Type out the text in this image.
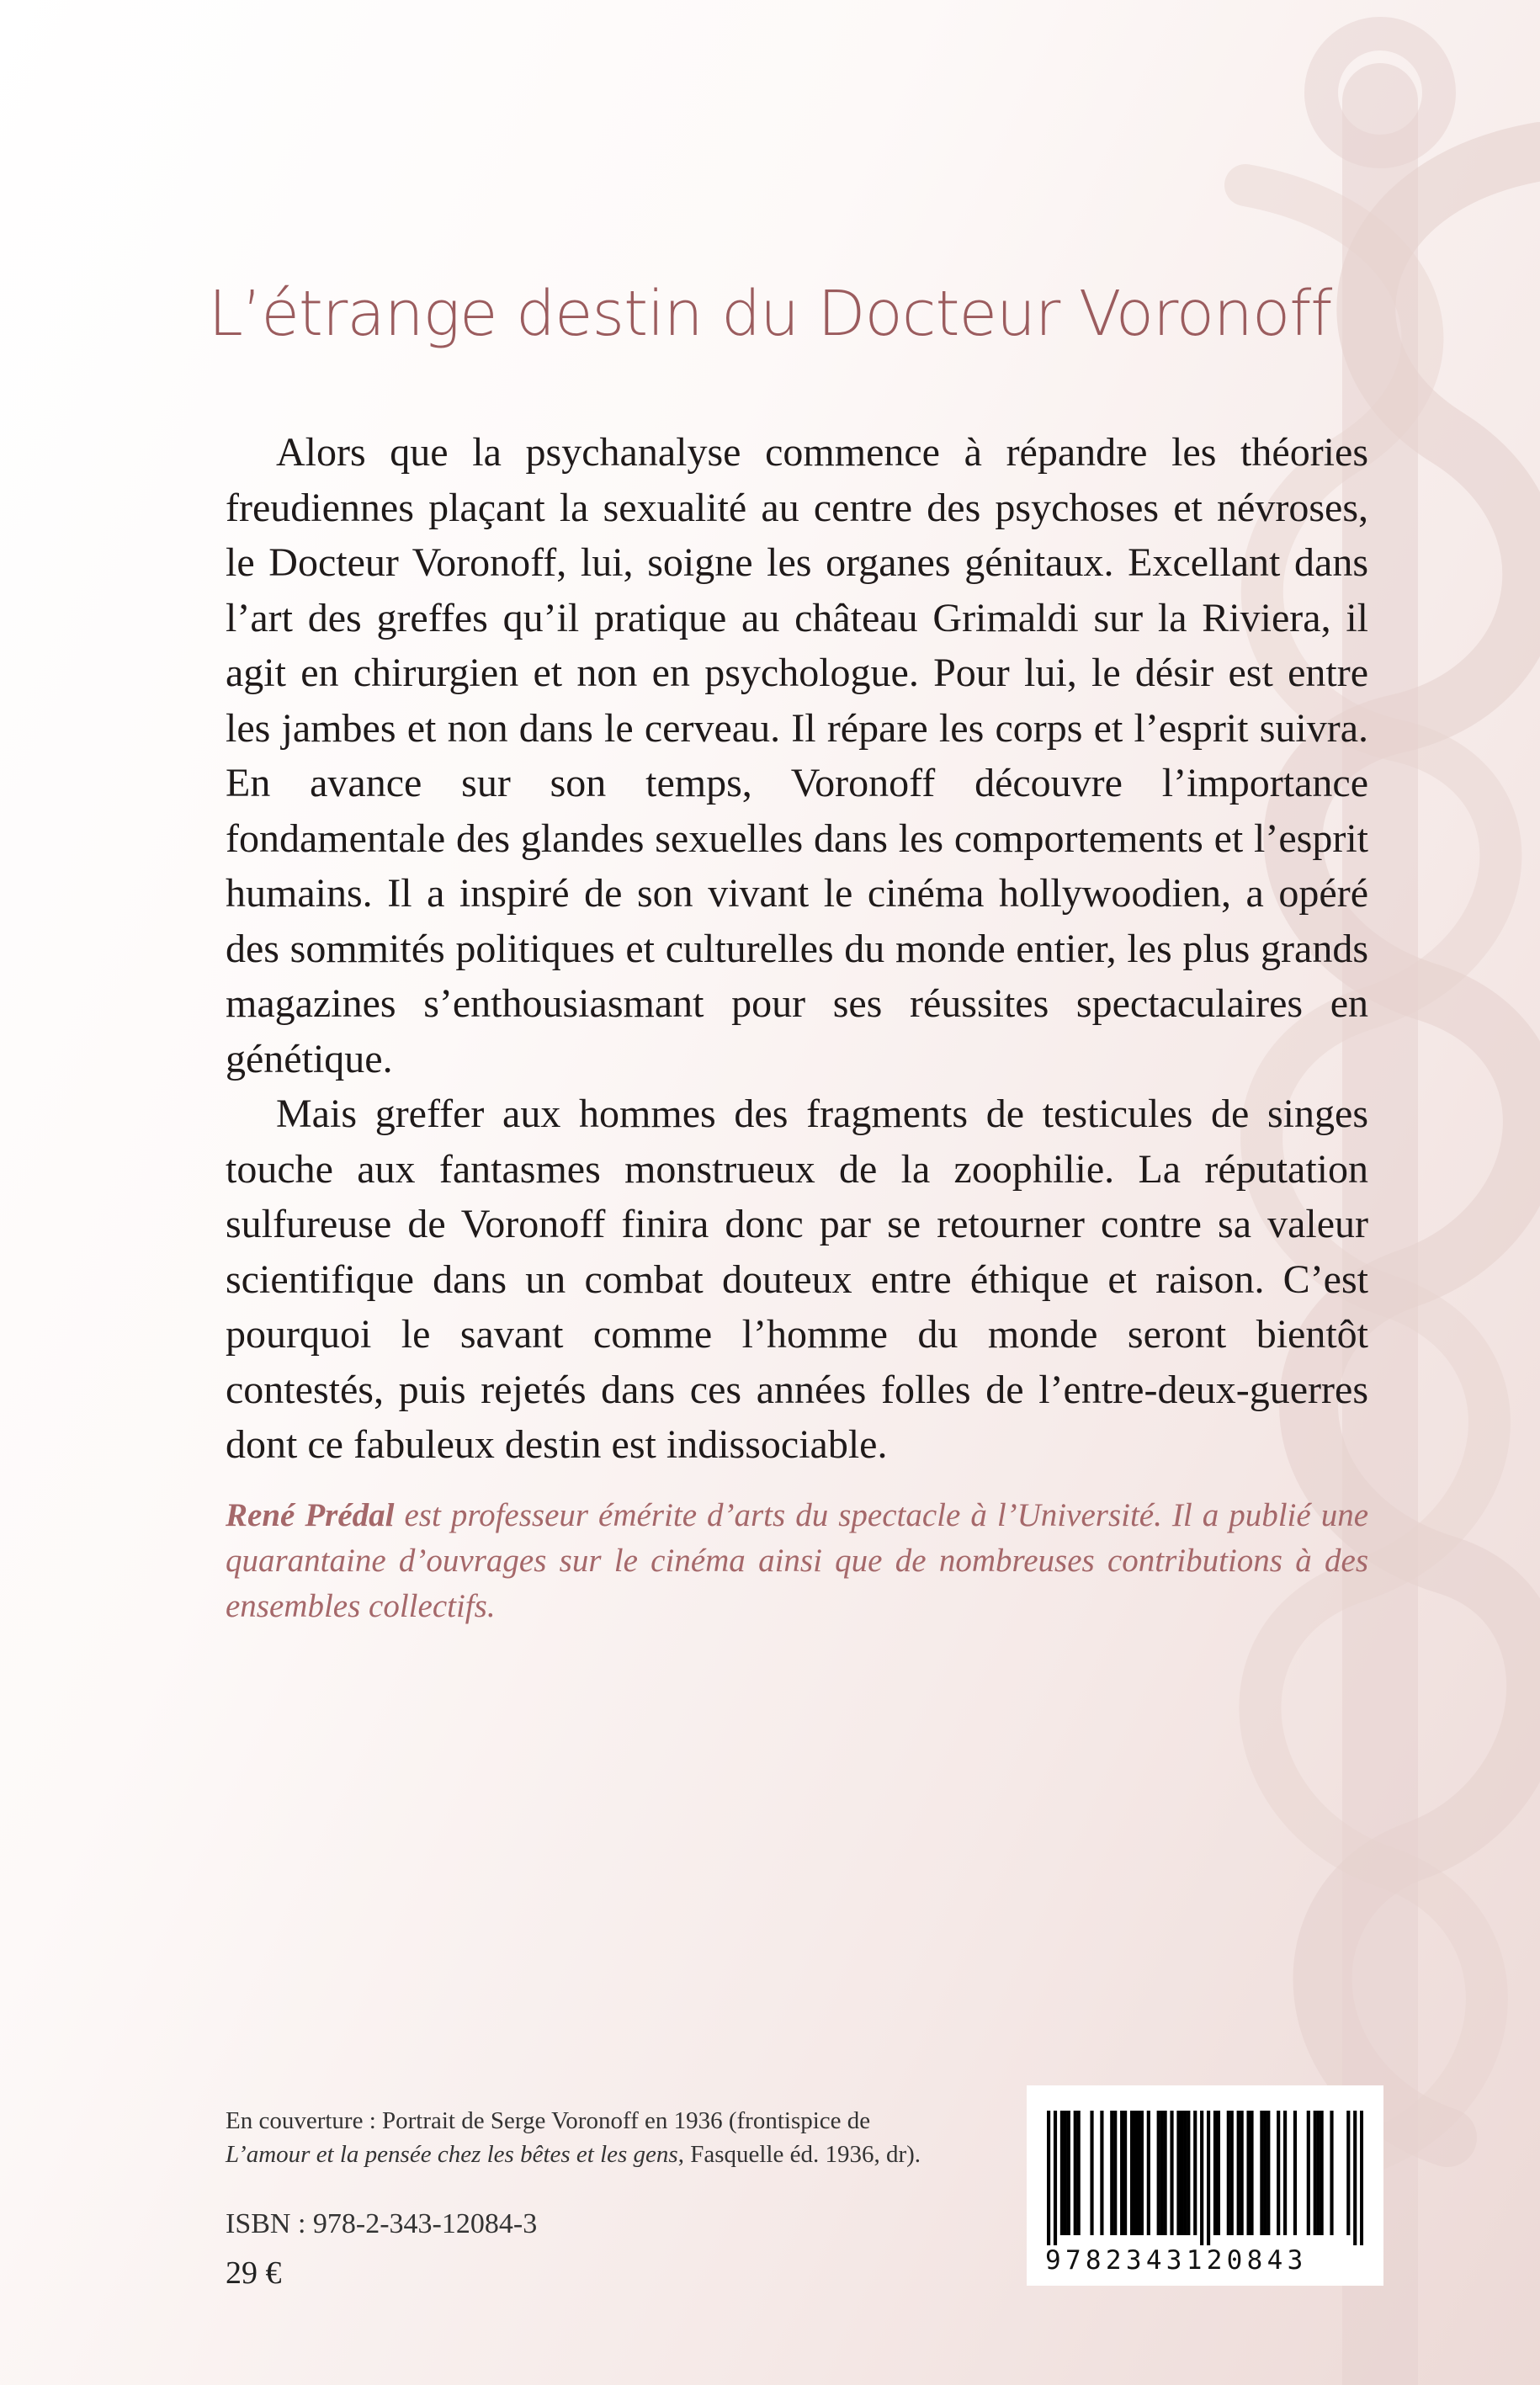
L’étrange destin du Docteur Voronoff

Alors que la psychanalyse commence à répandre les théories freudiennes plaçant la sexualité au centre des psychoses et névroses, le Docteur Voronoff, lui, soigne les organes génitaux. Excellant dans l’art des greffes qu’il pratique au château Grimaldi sur la Riviera, il agit en chirurgien et non en psychologue. Pour lui, le désir est entre les jambes et non dans le cerveau. Il répare les corps et l’esprit suivra. En avance sur son temps, Voronoff découvre l’importance fondamentale des glandes sexuelles dans les comportements et l’esprit humains. Il a inspiré de son vivant le cinéma hollywoodien, a opéré des sommités politiques et culturelles du monde entier, les plus grands magazines s’enthousiasmant pour ses réussites spectaculaires en génétique.

Mais greffer aux hommes des fragments de testicules de singes touche aux fantasmes monstrueux de la zoophilie. La réputation sulfureuse de Voronoff finira donc par se retourner contre sa valeur scientifique dans un combat douteux entre éthique et raison. C’est pourquoi le savant comme l’homme du monde seront bientôt contestés, puis rejetés dans ces années folles de l’entre-deux-guerres dont ce fabuleux destin est indissociable.

René Prédal est professeur émérite d’arts du spectacle à l’Université. Il a publié une quarantaine d’ouvrages sur le cinéma ainsi que de nombreuses contributions à des ensembles collectifs.

En couverture : Portrait de Serge Voronoff en 1936 (frontispice de
L’amour et la pensée chez les bêtes et les gens, Fasquelle éd. 1936, dr).
ISBN : 978-2-343-12084-3
29 €	9782343120843
